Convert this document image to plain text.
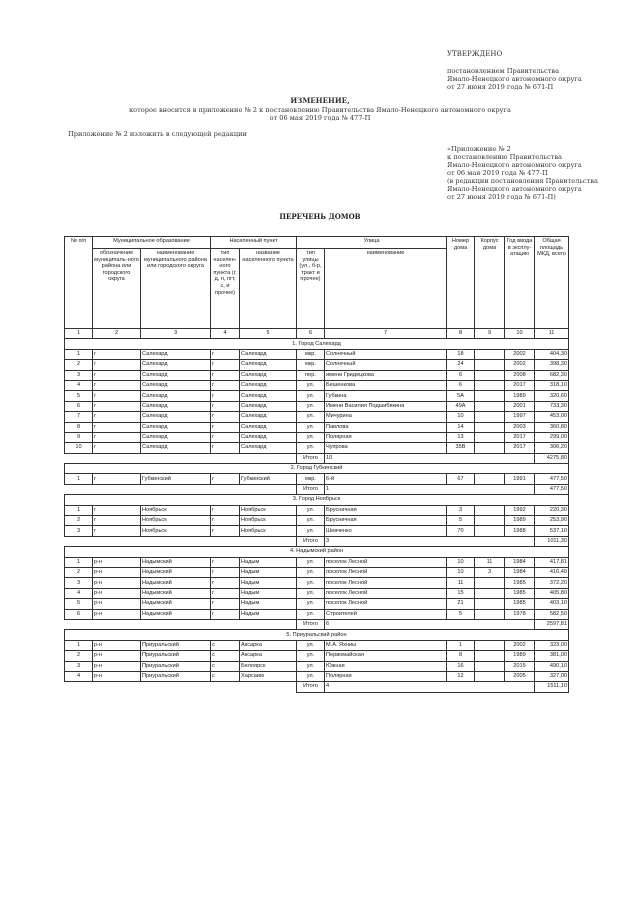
УТВЕРЖДЕНО
постановлением Правительства
Ямало-Ненецкого автономного округа
от 27 июня 2019 года № 671-П
ИЗМЕНЕНИЕ,
которое вносится в приложение № 2 к постановлению Правительства Ямало-Ненецкого автономного округа
от 06 мая 2019 года № 477-П
Приложение № 2 изложить в следующей редакции
«Приложение № 2
к постановлению Правительства
Ямало-Ненецкого автономного округа
от 06 мая 2019 года № 477-П
(в редакции постановления Правительства
Ямало-Ненецкого автономного округа
от 27 июня 2019 года № 671-П)
ПЕРЕЧЕНЬ ДОМОВ
№ п/п	Муниципальное образование		Населенный пункт		Улица		Номер дома	Корпус дома	Год ввода в эксплу-атацию	Общая площадь МКД, всего
	обозначение муниципаль-ного района или городского округа	наименование муниципального района или городского округа	тип населен-ного пункта (г, д, п, пгт, с, и прочее)	название населенного пункта	тип улицы (ул., б-р, тракт и прочее)	наименование				
1	2	3	4	5	6	7	8	9	10	11
1. Город Салехард										
1	г	Салехард	г	Салехард	мкр.	Солнечный	18		2002	404,30
2	г	Салехард	г	Салехард	мкр.	Солнечный	24		2002	398,30
3	г	Салехард	г	Салехард	пер.	имени Гридецкова	6		2008	682,30
4	г	Салехард	г	Салехард	ул.	Бешенкова	6		2017	318,10
5	г	Салехард	г	Салехард	ул.	Губкина	5А		1989	320,60
6	г	Салехард	г	Салехард	ул.	Имени Василия Подшибякина	49А		2001	733,30
7	г	Салехард	г	Салехард	ул.	Мичурина	10		1997	453,00
8	г	Салехард	г	Салехард	ул.	Павлова	14		2003	360,80
9	г	Салехард	г	Салехард	ул.	Полярная	13		2017	299,00
10	г	Салехард	г	Салехард	ул.	Чупрова	35В		2017	306,20
					Итого	10				4275,80
2. Город Губкинский										
1	г	Губкинский	г	Губкинский	мкр.	6-й	67		1991	477,50
					Итого	1				477,50
3. Город Ноябрьск										
1	г	Ноябрьск	г	Ноябрьск	ул.	Брусничная	3		1992	220,30
2	г	Ноябрьск	г	Ноябрьск	ул.	Брусничная	5		1989	253,90
3	г	Ноябрьск	г	Ноябрьск	ул.	Шевченко	70		1988	537,10
					Итого	3				1011,30
4. Надымский район										
1	р-н	Надымский	г	Надым	ул.	поселок Лесной	10	11	1984	417,81
2	р-н	Надымский	г	Надым	ул.	поселок Лесной	10	3	1984	416,40
3	р-н	Надымский	г	Надым	ул.	поселок Лесной	11		1985	372,20
4	р-н	Надымский	г	Надым	ул.	поселок Лесной	15		1985	405,80
5	р-н	Надымский	г	Надым	ул.	поселок Лесной	21		1985	403,10
6	р-н	Надымский	г	Надым	ул.	Строителей	5		1978	582,50
					Итого	6				2597,81
5. Приуральский район										
1	р-н	Приуральский	с	Аксарка	ул.	М.А. Яхниы	1		2002	323,00
2	р-н	Приуральский	с	Аксарка	ул.	Первомайская	8		1989	381,00
3	р-н	Приуральский	с	Белоярск	ул.	Южная	16		2015	490,10
4	р-н	Приуральский	с	Харсаим	ул.	Полярная	12		2005	327,00
					Итого	4				1511,10
